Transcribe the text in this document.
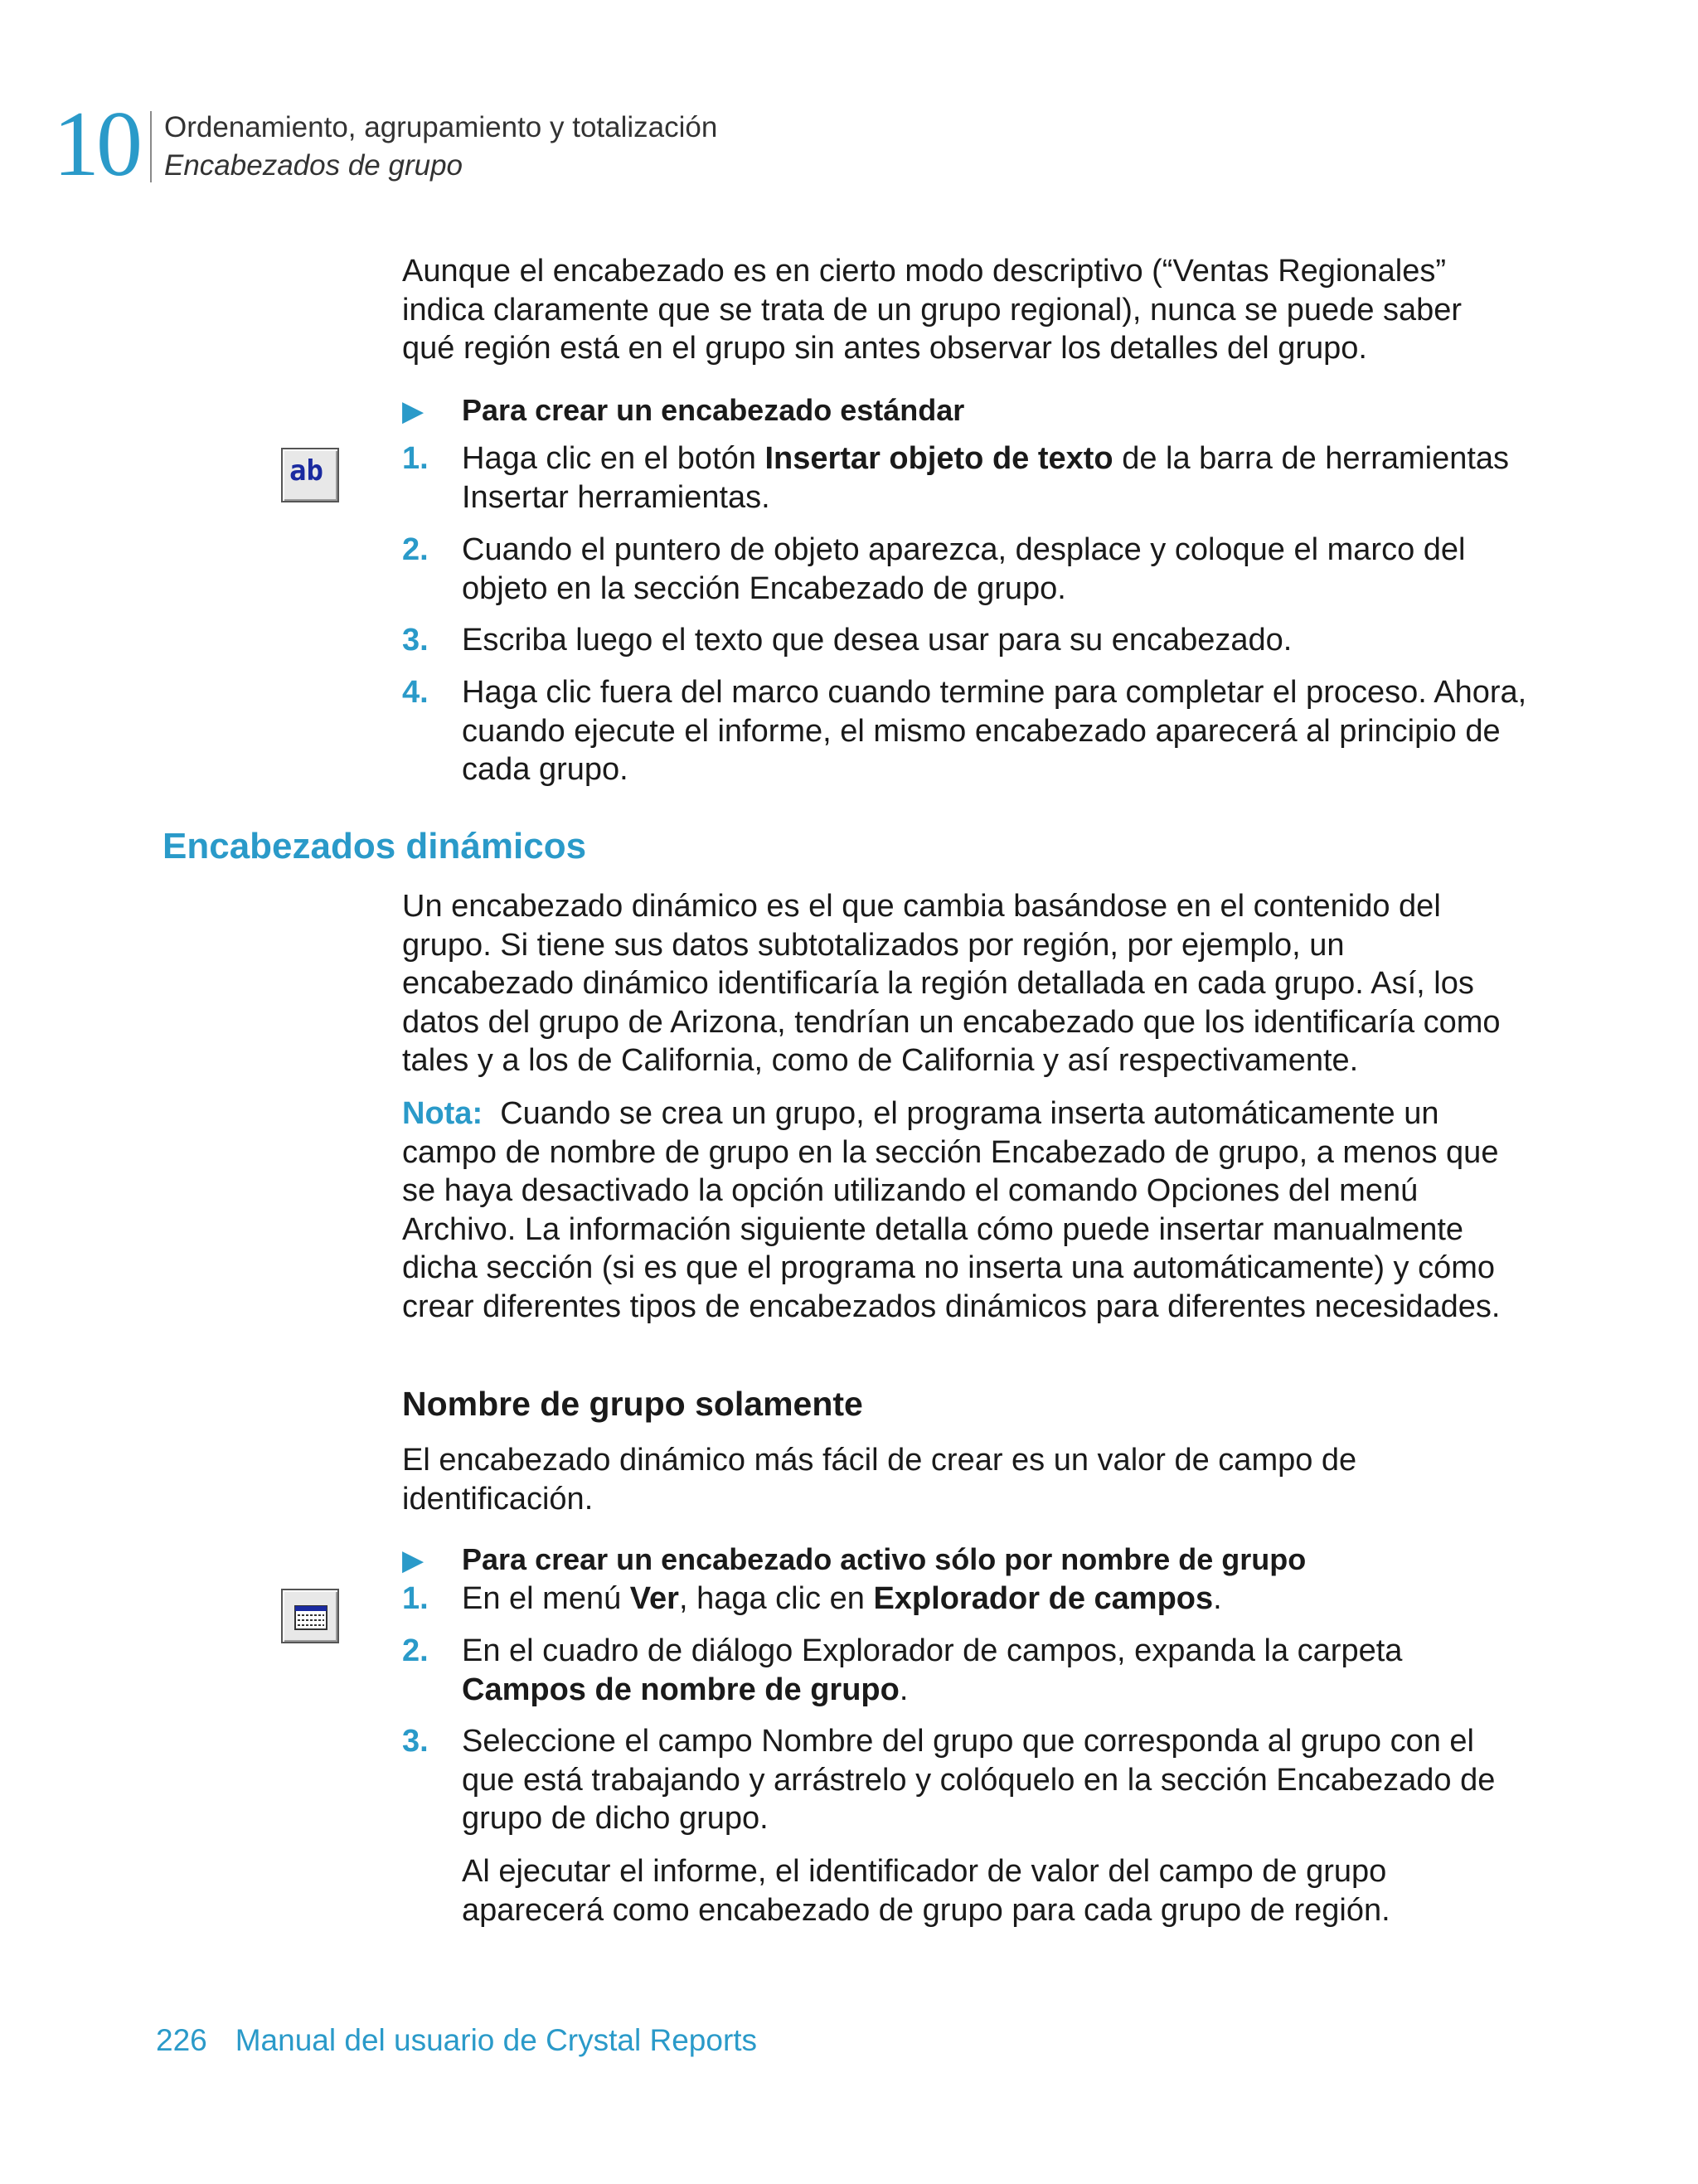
10 Ordenamiento, agrupamiento y totalización
Encabezados de grupo

Aunque el encabezado es en cierto modo descriptivo (“Ventas Regionales” indica claramente que se trata de un grupo regional), nunca se puede saber qué región está en el grupo sin antes observar los detalles del grupo.

▶ Para crear un encabezado estándar
ab	1. Haga clic en el botón Insertar objeto de texto de la barra de herramientas Insertar herramientas.
2. Cuando el puntero de objeto aparezca, desplace y coloque el marco del objeto en la sección Encabezado de grupo.
3. Escriba luego el texto que desea usar para su encabezado.
4. Haga clic fuera del marco cuando termine para completar el proceso. Ahora, cuando ejecute el informe, el mismo encabezado aparecerá al principio de cada grupo.
Encabezados dinámicos

Un encabezado dinámico es el que cambia basándose en el contenido del grupo. Si tiene sus datos subtotalizados por región, por ejemplo, un encabezado dinámico identificaría la región detallada en cada grupo. Así, los datos del grupo de Arizona, tendrían un encabezado que los identificaría como tales y a los de California, como de California y así respectivamente.

Nota: Cuando se crea un grupo, el programa inserta automáticamente un campo de nombre de grupo en la sección Encabezado de grupo, a menos que se haya desactivado la opción utilizando el comando Opciones del menú Archivo. La información siguiente detalla cómo puede insertar manualmente dicha sección (si es que el programa no inserta una automáticamente) y cómo crear diferentes tipos de encabezados dinámicos para diferentes necesidades.

Nombre de grupo solamente

El encabezado dinámico más fácil de crear es un valor de campo de identificación.

▶ Para crear un encabezado activo sólo por nombre de grupo
1. En el menú Ver, haga clic en Explorador de campos.
2. En el cuadro de diálogo Explorador de campos, expanda la carpeta Campos de nombre de grupo.
3. Seleccione el campo Nombre del grupo que corresponda al grupo con el que está trabajando y arrástrelo y colóquelo en la sección Encabezado de grupo de dicho grupo.
Al ejecutar el informe, el identificador de valor del campo de grupo aparecerá como encabezado de grupo para cada grupo de región.
226 Manual del usuario de Crystal Reports
